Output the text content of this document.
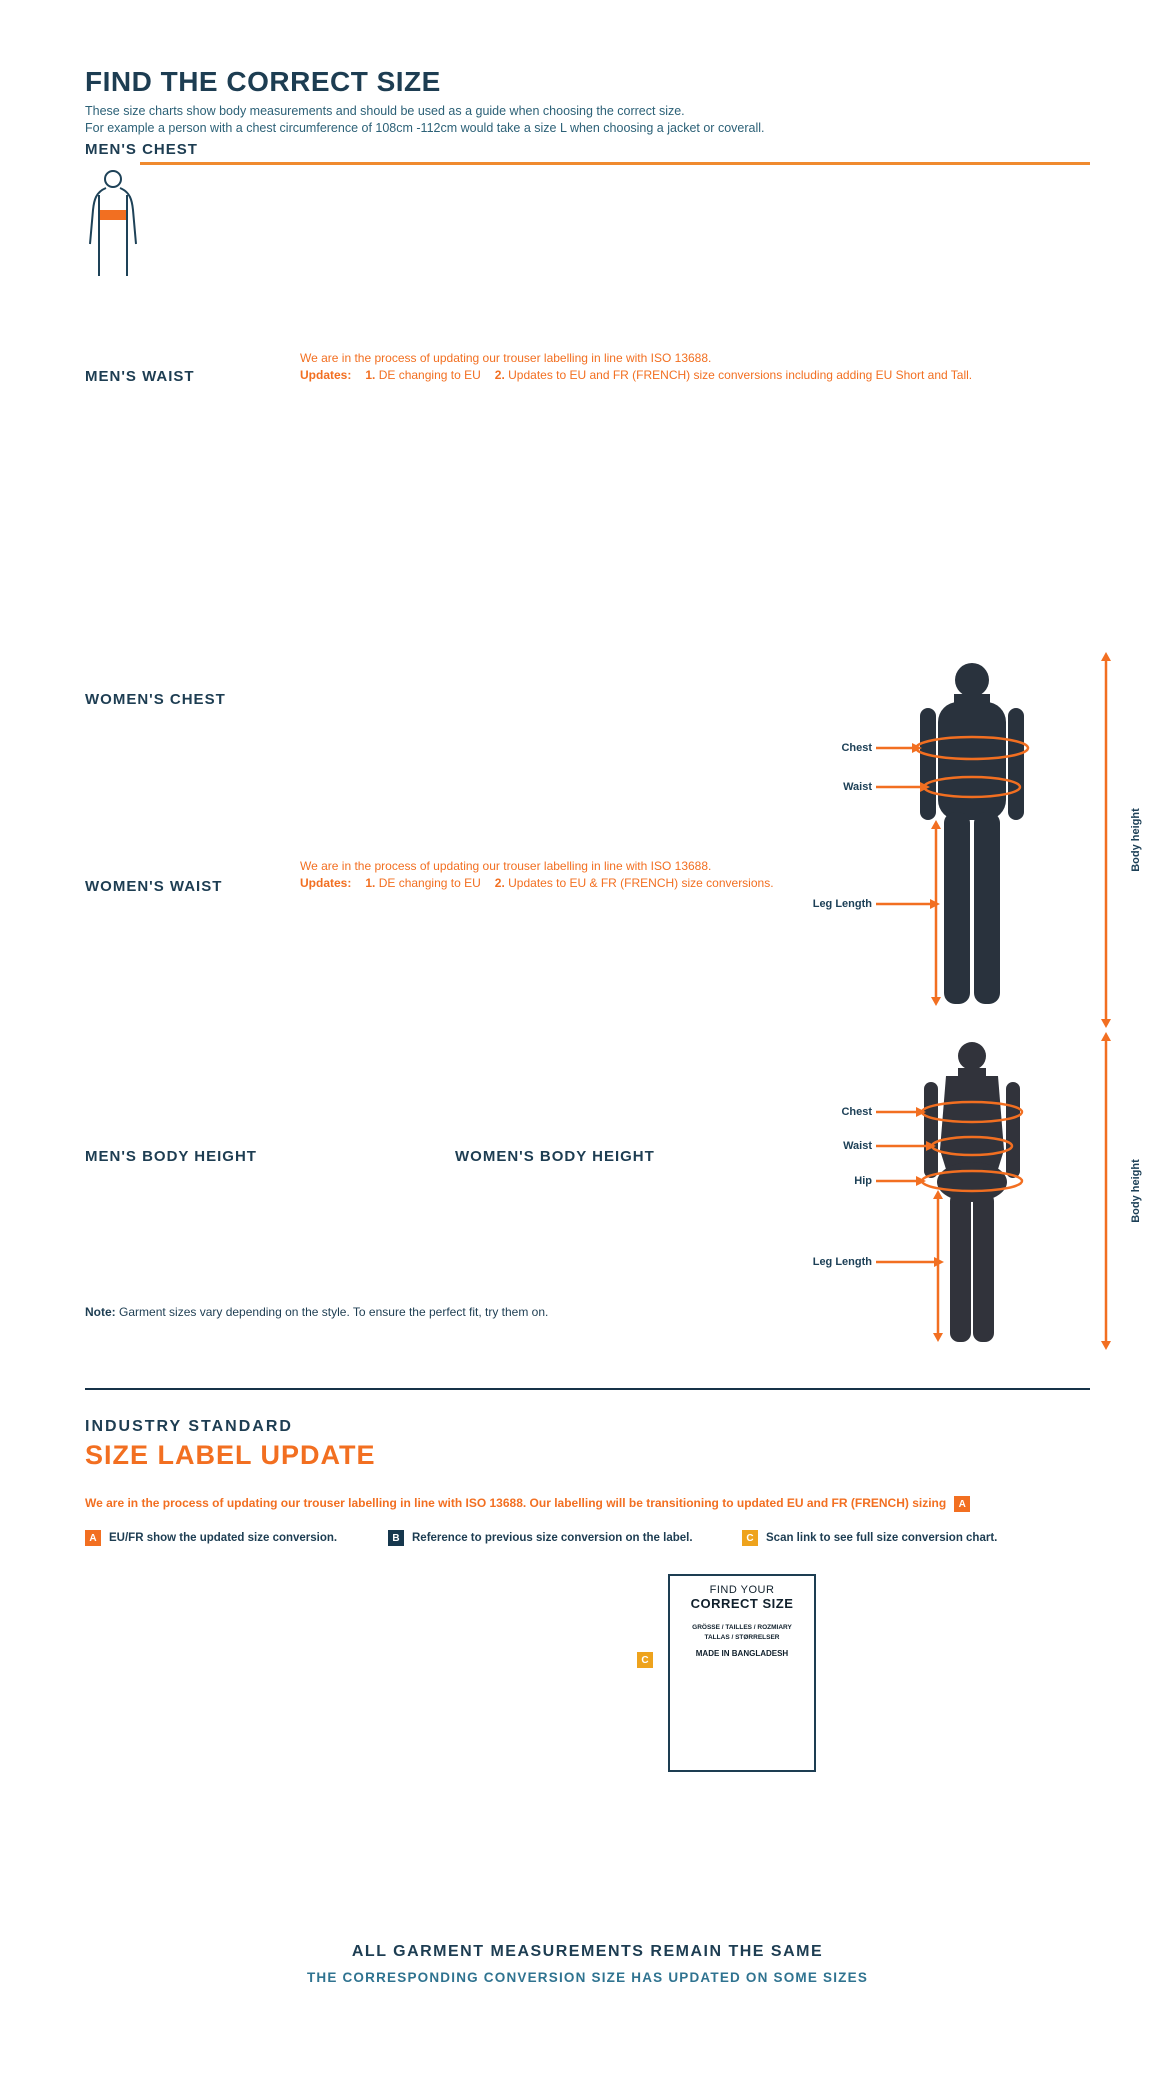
FIND THE CORRECT SIZE
These size charts show body measurements and should be used as a guide when choosing the correct size.
For example a person with a chest circumference of 108cm -112cm would take a size L when choosing a jacket or coverall.
MEN'S CHEST
We are in the process of updating our trouser labelling in line with ISO 13688.
Updates: 1. DE changing to EU 2. Updates to EU and FR (FRENCH) size conversions including adding EU Short and Tall.
MEN'S WAIST
WOMEN'S CHEST
We are in the process of updating our trouser labelling in line with ISO 13688.
Updates: 1. DE changing to EU 2. Updates to EU & FR (FRENCH) size conversions.
WOMEN'S WAIST
MEN'S BODY HEIGHT	WOMEN'S BODY HEIGHT
Chest
Waist
Leg Length
Body height
Chest
Waist
Hip
Leg Length
Body height
Note: Garment sizes vary depending on the style. To ensure the perfect fit, try them on.
INDUSTRY STANDARD
SIZE LABEL UPDATE
We are in the process of updating our trouser labelling in line with ISO 13688. Our labelling will be transitioning to updated EU and FR (FRENCH) sizing A
A	EU/FR show the updated size conversion.	B	Reference to previous size conversion on the label.	C	Scan link to see full size conversion chart.
C
FIND YOUR
CORRECT SIZE
GRÖSSE / TAILLES / ROZMIARY
TALLAS / STØRRELSER
MADE IN BANGLADESH
ALL GARMENT MEASUREMENTS REMAIN THE SAME
THE CORRESPONDING CONVERSION SIZE HAS UPDATED ON SOME SIZES
